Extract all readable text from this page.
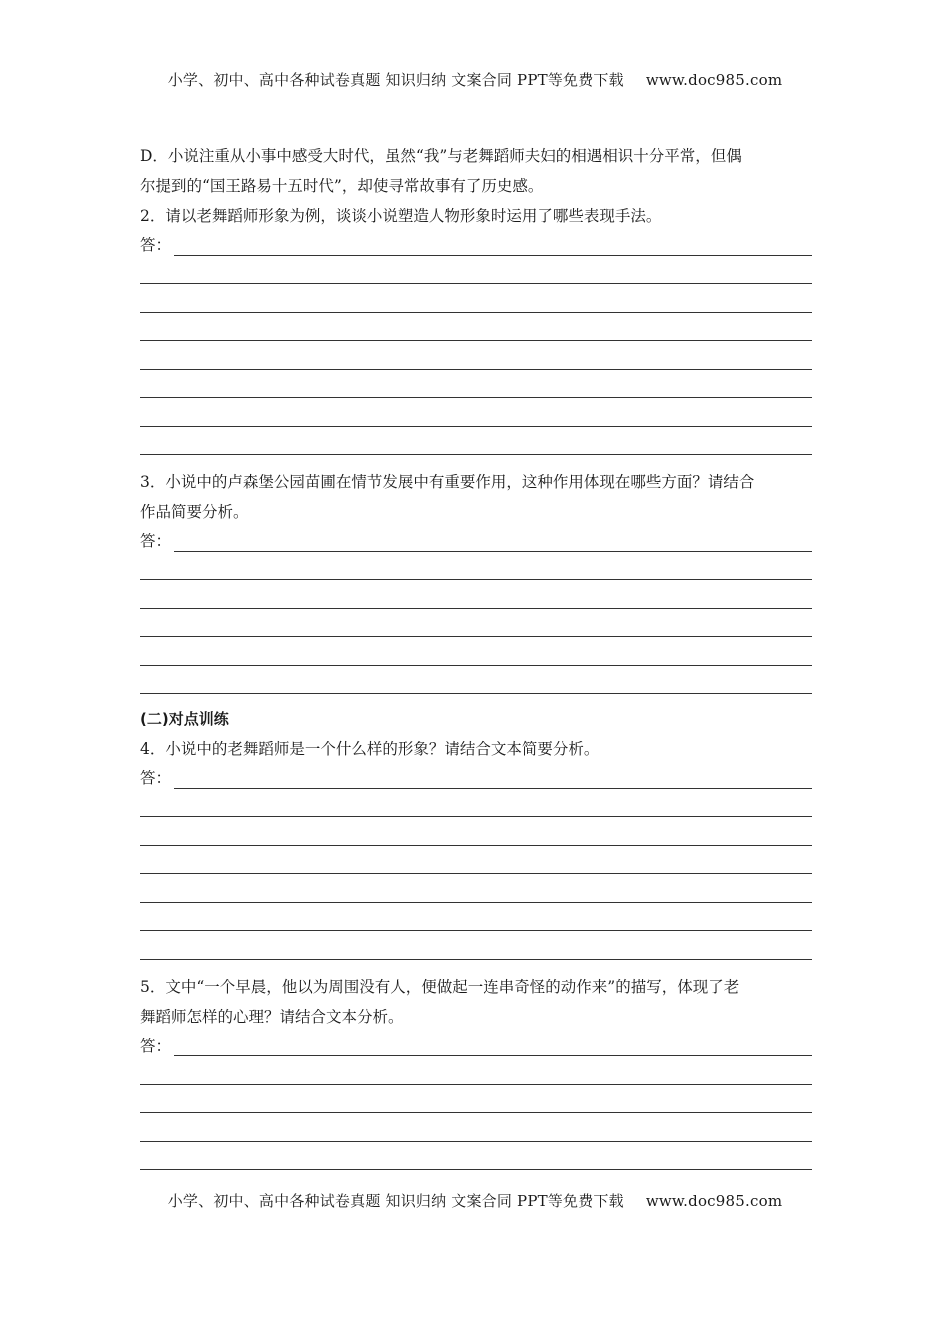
小学、初中、高中各种试卷真题 知识归纳 文案合同 PPT等免费下载 www.doc985.com

D．小说注重从小事中感受大时代，虽然“我”与老舞蹈师夫妇的相遇相识十分平常，但偶

尔提到的“国王路易十五时代”，却使寻常故事有了历史感。

2．请以老舞蹈师形象为例，谈谈小说塑造人物形象时运用了哪些表现手法。

答：

3．小说中的卢森堡公园苗圃在情节发展中有重要作用，这种作用体现在哪些方面？请结合

作品简要分析。

答：
(二)对点训练

4．小说中的老舞蹈师是一个什么样的形象？请结合文本简要分析。

答：

5．文中“一个早晨，他以为周围没有人，便做起一连串奇怪的动作来”的描写，体现了老

舞蹈师怎样的心理？请结合文本分析。

答：
小学、初中、高中各种试卷真题 知识归纳 文案合同 PPT等免费下载 www.doc985.com
